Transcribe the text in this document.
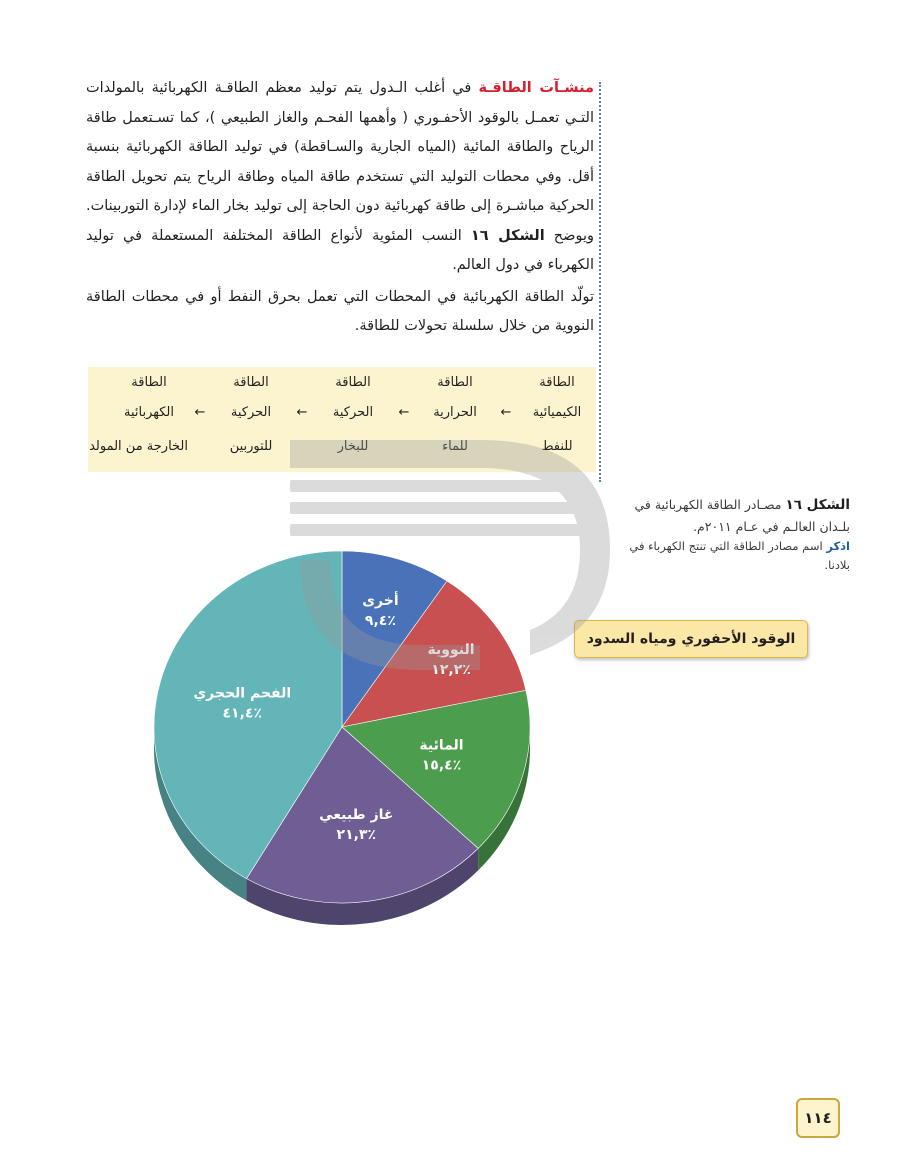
منشـآت الطاقـة في أغلب الـدول يتم توليد معظم الطاقـة الكهربائية بالمولدات التـي تعمـل بالوقود الأحفـوري ( وأهمها الفحـم والغاز الطبيعي )، كما تسـتعمل طاقة الرياح والطاقة المائية (المياه الجارية والسـاقطة) في توليد الطاقة الكهربائية بنسبة أقل. وفي محطات التوليد التي تستخدم طاقة المياه وطاقة الرياح يتم تحويل الطاقة الحركية مباشـرة إلى طاقة كهربائية دون الحاجة إلى توليد بخار الماء لإدارة التوربينات. ويوضح الشكل ١٦ النسب المئوية لأنواع الطاقة المختلفة المستعملة في توليد الكهرباء في دول العالم.

تولّد الطاقة الكهربائية في المحطات التي تعمل بحرق النفط أو في محطات الطاقة النووية من خلال سلسلة تحولات للطاقة.

الطاقة
الطاقة
الطاقة
الطاقة
الطاقة
الكيميائية
←
الحرارية
←
الحركية
←
الحركية
←
الكهربائية
للنفط
للماء
للبخار
للتوربين
الخارجة من المولد
الشكل ١٦ مصـادر الطاقة الكهربائية في بلـدان العالـم في عـام ٢٠١١م.
اذكر اسم مصادر الطاقة التي تنتج الكهرباء في بلادنا.
الوقود الأحفوري ومياه السدود
أخرى
٩,٤٪
النووية
١٢,٢٪
المائية
١٥,٤٪
غاز طبيعي
٢١,٣٪
الفحم الحجري
٤١,٤٪
١١٤
